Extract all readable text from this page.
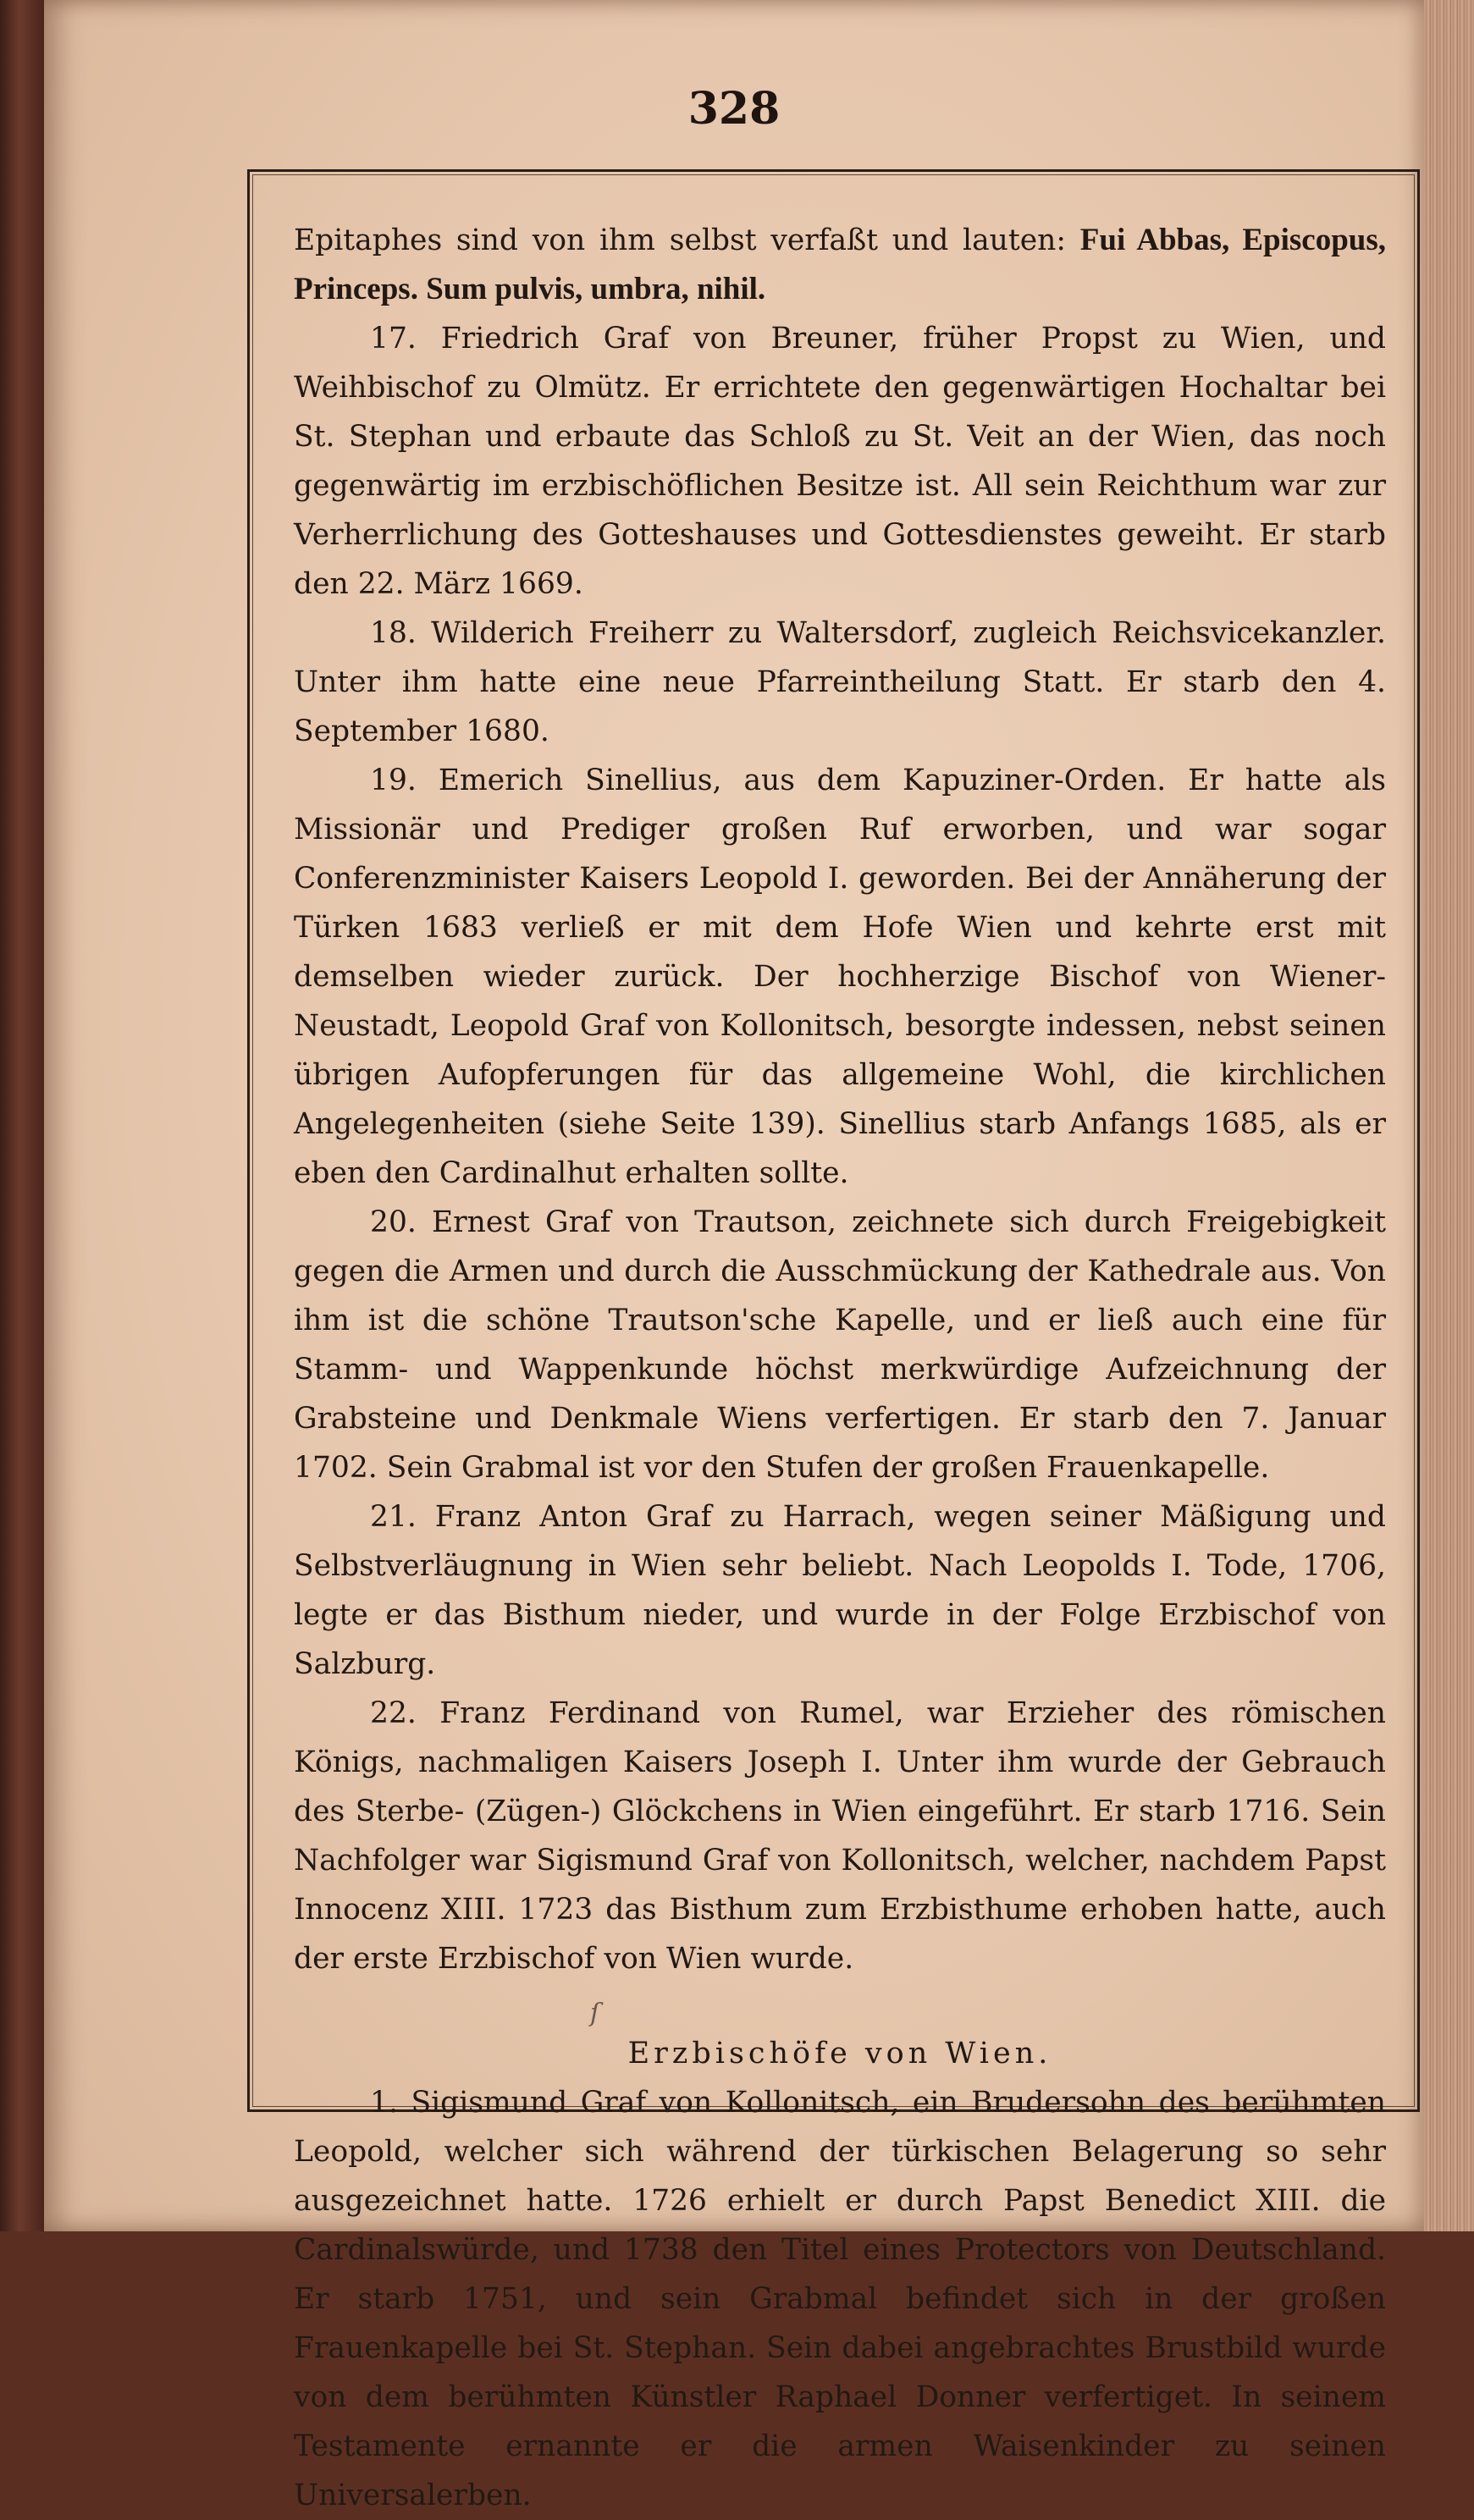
328
ſ

Epitaphes sind von ihm selbst verfaßt und lauten: Fui Abbas, Episcopus, Princeps. Sum pulvis, umbra, nihil.

17. Friedrich Graf von Breuner, früher Propst zu Wien, und Weihbischof zu Olmütz. Er errichtete den gegenwärtigen Hochaltar bei St. Stephan und erbaute das Schloß zu St. Veit an der Wien, das noch gegenwärtig im erzbischöflichen Besitze ist. All sein Reichthum war zur Verherrlichung des Gotteshauses und Gottesdienstes geweiht. Er starb den 22. März 1669.

18. Wilderich Freiherr zu Waltersdorf, zugleich Reichsvicekanzler. Unter ihm hatte eine neue Pfarreintheilung Statt. Er starb den 4. September 1680.

19. Emerich Sinellius, aus dem Kapuziner-Orden. Er hatte als Missionär und Prediger großen Ruf erworben, und war sogar Conferenzminister Kaisers Leopold I. geworden. Bei der Annäherung der Türken 1683 verließ er mit dem Hofe Wien und kehrte erst mit demselben wieder zurück. Der hochherzige Bischof von Wiener-Neustadt, Leopold Graf von Kollonitsch, besorgte indessen, nebst seinen übrigen Aufopferungen für das allgemeine Wohl, die kirchlichen Angelegenheiten (siehe Seite 139). Sinellius starb Anfangs 1685, als er eben den Cardinalhut erhalten sollte.

20. Ernest Graf von Trautson, zeichnete sich durch Freigebigkeit gegen die Armen und durch die Ausschmückung der Kathedrale aus. Von ihm ist die schöne Trautson'sche Kapelle, und er ließ auch eine für Stamm- und Wappenkunde höchst merkwürdige Aufzeichnung der Grabsteine und Denkmale Wiens verfertigen. Er starb den 7. Januar 1702. Sein Grabmal ist vor den Stufen der großen Frauenkapelle.

21. Franz Anton Graf zu Harrach, wegen seiner Mäßigung und Selbstverläugnung in Wien sehr beliebt. Nach Leopolds I. Tode, 1706, legte er das Bisthum nieder, und wurde in der Folge Erzbischof von Salzburg.

22. Franz Ferdinand von Rumel, war Erzieher des römischen Königs, nachmaligen Kaisers Joseph I. Unter ihm wurde der Gebrauch des Sterbe- (Zügen-) Glöckchens in Wien eingeführt. Er starb 1716. Sein Nachfolger war Sigismund Graf von Kollonitsch, welcher, nachdem Papst Innocenz XIII. 1723 das Bisthum zum Erzbisthume erhoben hatte, auch der erste Erzbischof von Wien wurde.

Erzbischöfe von Wien.

1. Sigismund Graf von Kollonitsch, ein Brudersohn des berühmten Leopold, welcher sich während der türkischen Belagerung so sehr ausgezeichnet hatte. 1726 erhielt er durch Papst Benedict XIII. die Cardinalswürde, und 1738 den Titel eines Protectors von Deutschland. Er starb 1751, und sein Grabmal befindet sich in der großen Frauenkapelle bei St. Stephan. Sein dabei angebrachtes Brustbild wurde von dem berühmten Künstler Raphael Donner verfertiget. In seinem Testamente ernannte er die armen Waisenkinder zu seinen Universalerben.
